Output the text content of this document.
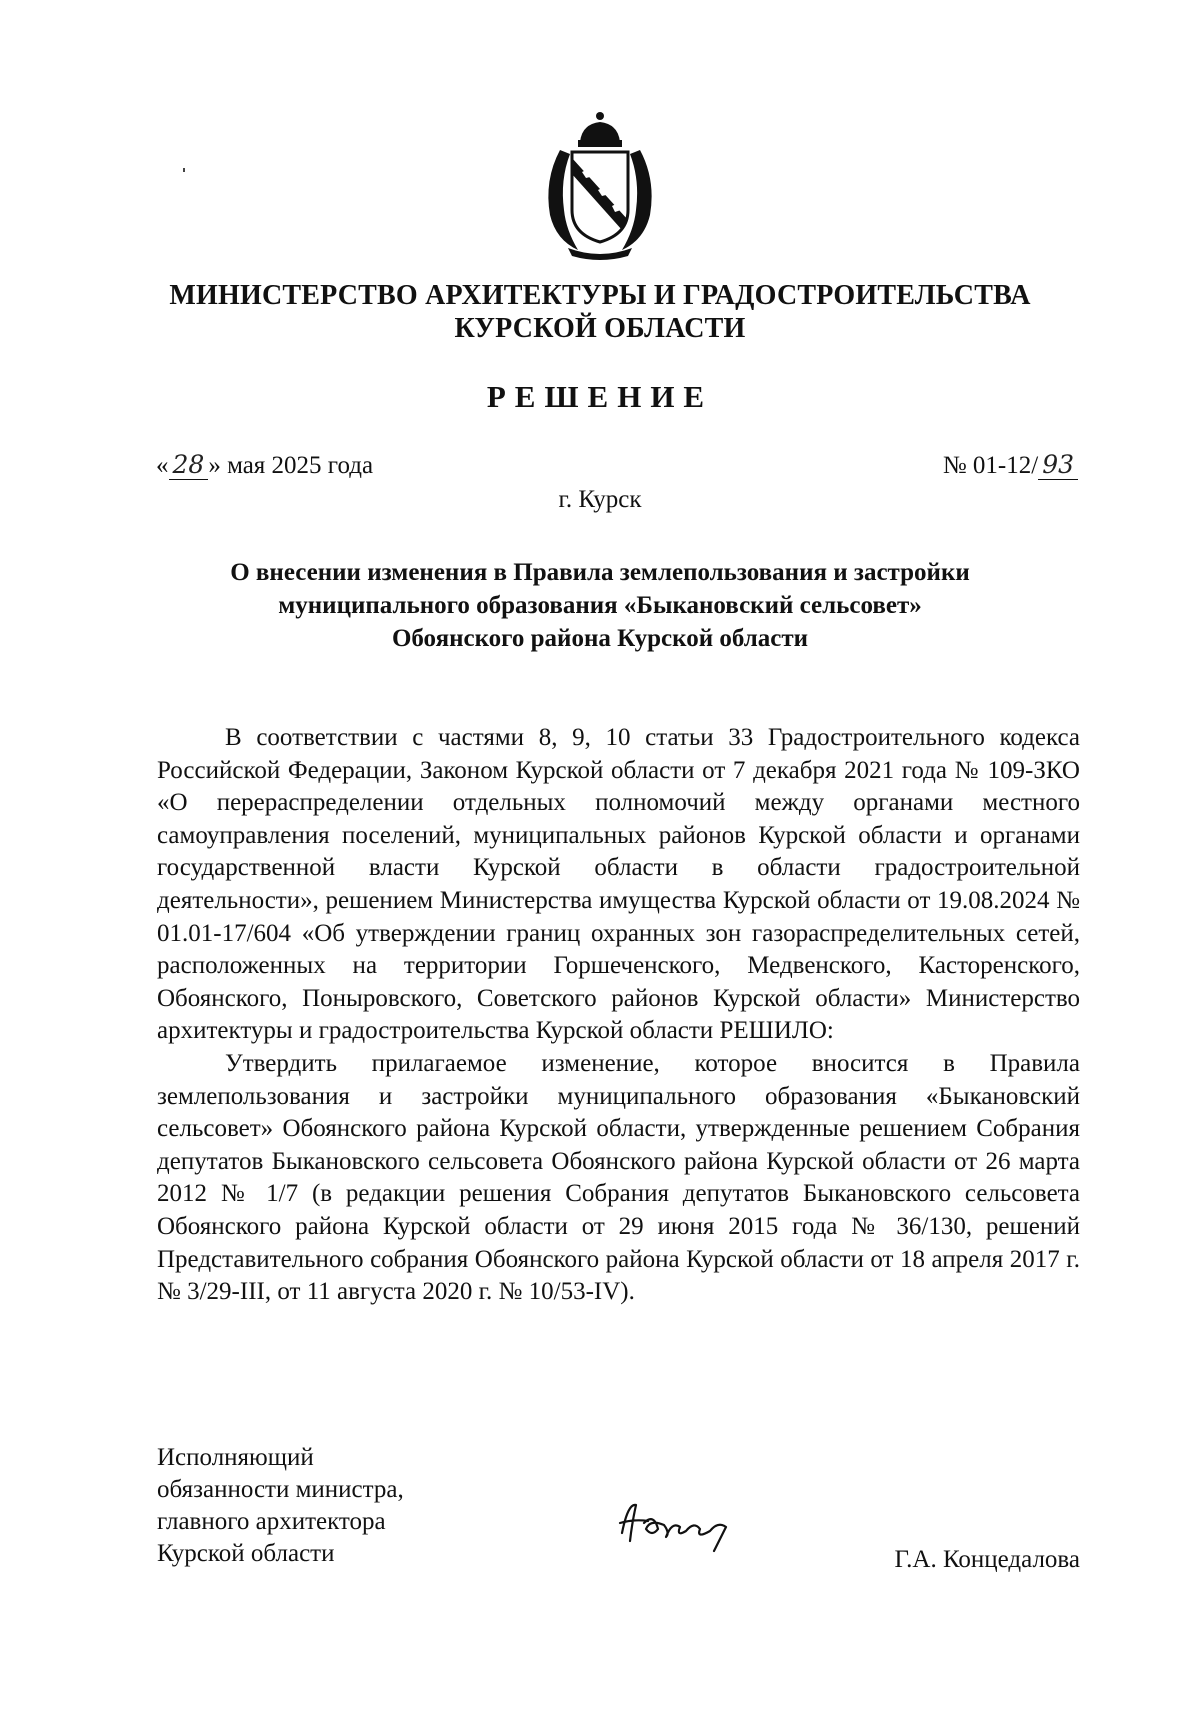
МИНИСТЕРСТВО АРХИТЕКТУРЫ И ГРАДОСТРОИТЕЛЬСТВА
КУРСКОЙ ОБЛАСТИ
РЕШЕНИЕ
« 28 » мая 2025 года	№ 01-12/ 93
г. Курск
О внесении изменения в Правила землепользования и застройки
муниципального образования «Быкановский сельсовет»
Обоянского района Курской области

В соответствии с частями 8, 9, 10 статьи 33 Градостроительного кодекса Российской Федерации, Законом Курской области от 7 декабря 2021 года № 109-ЗКО «О перераспределении отдельных полномочий между органами местного самоуправления поселений, муниципальных районов Курской области и органами государственной власти Курской области в области градостроительной деятельности», решением Министерства имущества Курской области от 19.08.2024 № 01.01-17/604 «Об утверждении границ охранных зон газораспределительных сетей, расположенных на территории Горшеченского, Медвенского, Касторенского, Обоянского, Поныровского, Советского районов Курской области» Министерство архитектуры и градостроительства Курской области РЕШИЛО:

Утвердить прилагаемое изменение, которое вносится в Правила землепользования и застройки муниципального образования «Быкановский сельсовет» Обоянского района Курской области, утвержденные решением Собрания депутатов Быкановского сельсовета Обоянского района Курской области от 26 марта 2012 № 1/7 (в редакции решения Собрания депутатов Быкановского сельсовета Обоянского района Курской области от 29 июня 2015 года № 36/130, решений Представительного собрания Обоянского района Курской области от 18 апреля 2017 г. № 3/29-III, от 11 августа 2020 г. № 10/53-IV).

Исполняющий
обязанности министра,
главного архитектора
Курской области	Г.А. Концедалова
